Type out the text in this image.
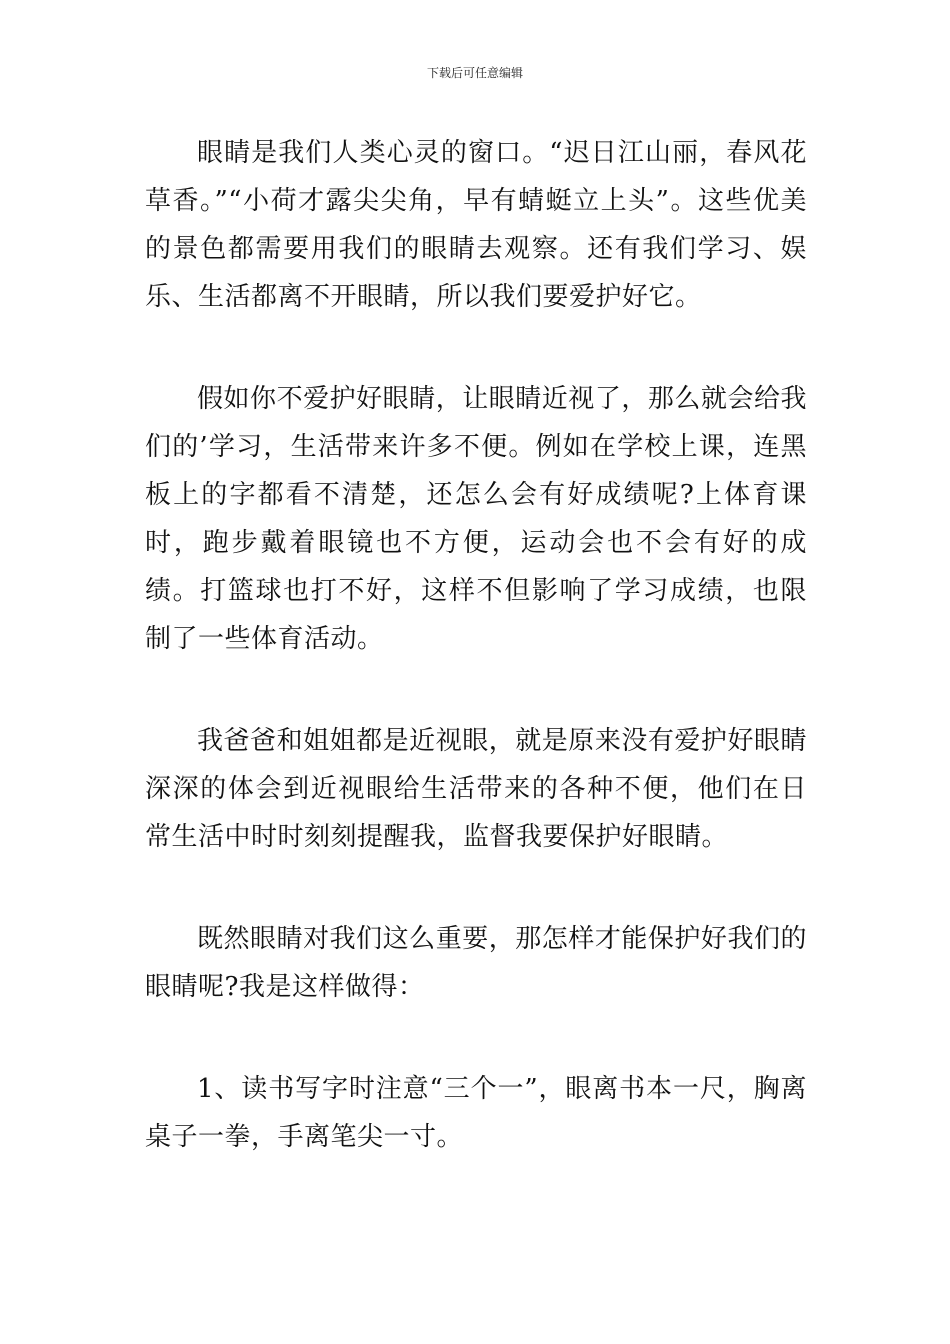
下载后可任意编辑

眼睛是我们人类心灵的窗口。“迟日江山丽，春风花草香。”“小荷才露尖尖角，早有蜻蜓立上头”。这些优美的景色都需要用我们的眼睛去观察。还有我们学习、娱乐、生活都离不开眼睛，所以我们要爱护好它。

假如你不爱护好眼睛，让眼睛近视了，那么就会给我们的’学习，生活带来许多不便。例如在学校上课，连黑板上的字都看不清楚，还怎么会有好成绩呢?上体育课时，跑步戴着眼镜也不方便，运动会也不会有好的成绩。打篮球也打不好，这样不但影响了学习成绩，也限制了一些体育活动。

我爸爸和姐姐都是近视眼，就是原来没有爱护好眼睛深深的体会到近视眼给生活带来的各种不便，他们在日常生活中时时刻刻提醒我，监督我要保护好眼睛。

既然眼睛对我们这么重要，那怎样才能保护好我们的眼睛呢?我是这样做得：

1、读书写字时注意“三个一”，眼离书本一尺，胸离桌子一拳，手离笔尖一寸。
